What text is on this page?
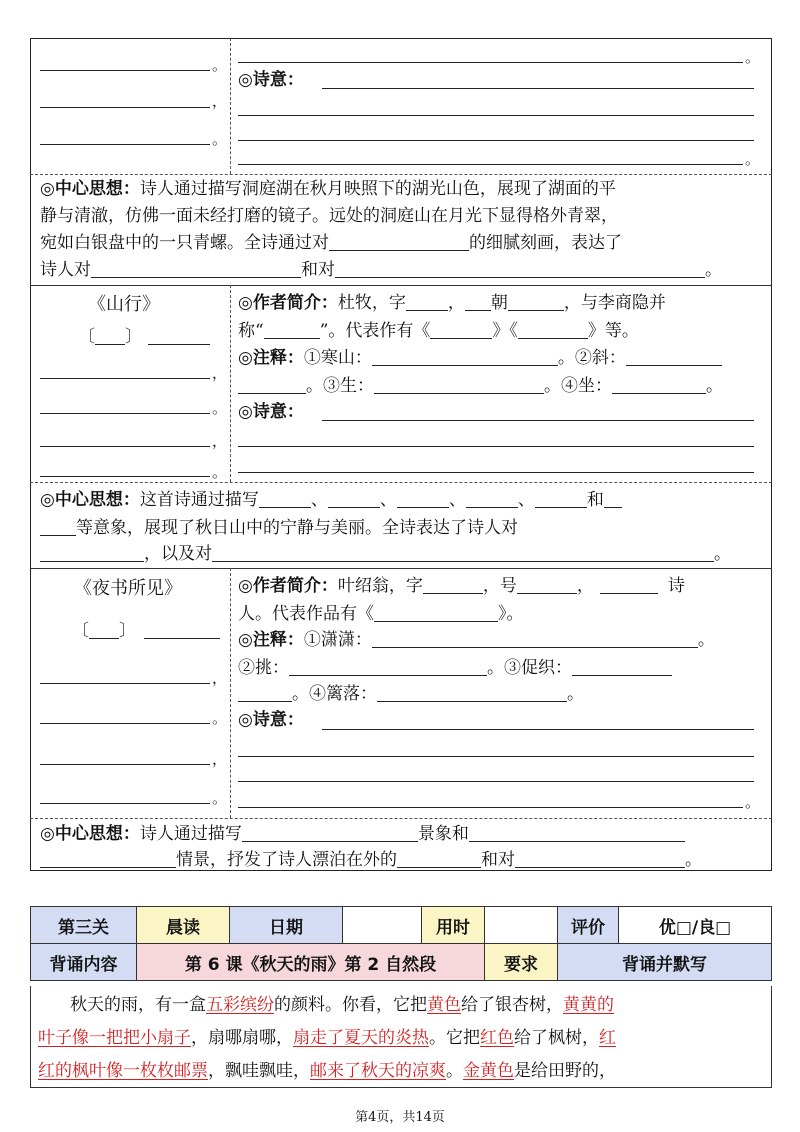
。
，
。
。
◎诗意：
。
◎中心思想：诗人通过描写洞庭湖在秋月映照下的湖光山色，展现了湖面的平
静与清澈，仿佛一面未经打磨的镜子。远处的洞庭山在月光下显得格外青翠，
宛如白银盘中的一只青螺。全诗通过对	的细腻刻画，表达了
诗人对	和对	。
《山行》
〔 〕
，
。
，
。
◎作者简介：杜牧，字 ， 朝	，与李商隐并
称“	”。代表作有《	》《	》等。
◎注释：①寒山：	。②斜：
。③生：	。④坐：	。
◎诗意：
◎中心思想：这首诗通过描写	、	、	、	、	和
等意象，展现了秋日山中的宁静与美丽。全诗表达了诗人对
，以及对	。
《夜书所见》
〔 〕
，
。
，
。
◎作者简介：叶绍翁，字	，号	，	诗
人。代表作品有《	》。
◎注释：①潇潇：	。
②挑：	。③促织：
。④篱落：	。
◎诗意：
。
◎中心思想：诗人通过描写	景象和
情景，抒发了诗人漂泊在外的	和对	。
第三关	晨读	日期		用时		评价	优□/良□
背诵内容	第 6 课《秋天的雨》第 2 自然段				要求	背诵并默写	
秋天的雨，有一盒五彩缤纷的颜料。你看，它把黄色给了银杏树，黄黄的
叶子像一把把小扇子，扇哪扇哪，扇走了夏天的炎热。它把红色给了枫树，红
红的枫叶像一枚枚邮票，飘哇飘哇，邮来了秋天的凉爽。金黄色是给田野的，
第4页，共14页
